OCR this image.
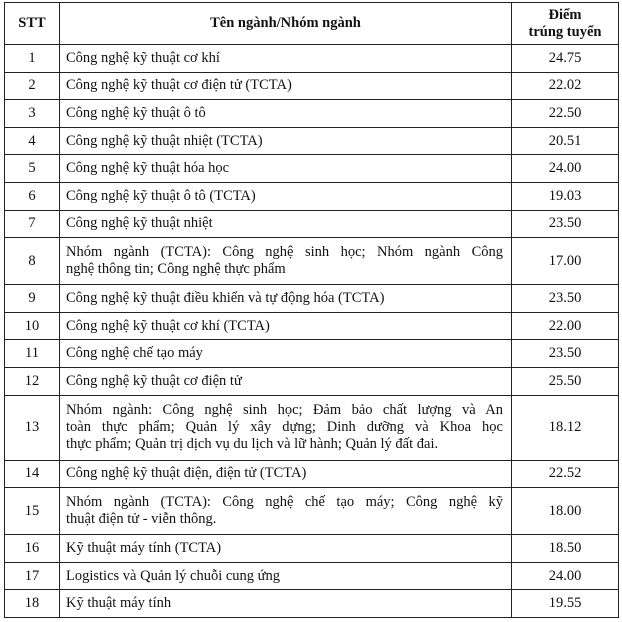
STT	Tên ngành/Nhóm ngành	Điểm
trúng tuyển

1	Công nghệ kỹ thuật cơ khí	24.75
2	Công nghệ kỹ thuật cơ điện tử (TCTA)	22.02
3	Công nghệ kỹ thuật ô tô	22.50
4	Công nghệ kỹ thuật nhiệt (TCTA)	20.51
5	Công nghệ kỹ thuật hóa học	24.00
6	Công nghệ kỹ thuật ô tô (TCTA)	19.03
7	Công nghệ kỹ thuật nhiệt	23.50
8	Nhóm ngành (TCTA): Công nghệ sinh học; Nhóm ngành Công
nghệ thông tin; Công nghệ thực phẩm	17.00
9	Công nghệ kỹ thuật điều khiển và tự động hóa (TCTA)	23.50
10	Công nghệ kỹ thuật cơ khí (TCTA)	22.00
11	Công nghệ chế tạo máy	23.50
12	Công nghệ kỹ thuật cơ điện tử	25.50
13	Nhóm ngành: Công nghệ sinh học; Đảm bảo chất lượng và An
toàn thực phẩm; Quản lý xây dựng; Dinh dưỡng và Khoa học
thực phẩm; Quản trị dịch vụ du lịch và lữ hành; Quản lý đất đai.	18.12
14	Công nghệ kỹ thuật điện, điện tử (TCTA)	22.52
15	Nhóm ngành (TCTA): Công nghệ chế tạo máy; Công nghệ kỹ
thuật điện tử - viễn thông.	18.00
16	Kỹ thuật máy tính (TCTA)	18.50
17	Logistics và Quản lý chuỗi cung ứng	24.00
18	Kỹ thuật máy tính	19.55
